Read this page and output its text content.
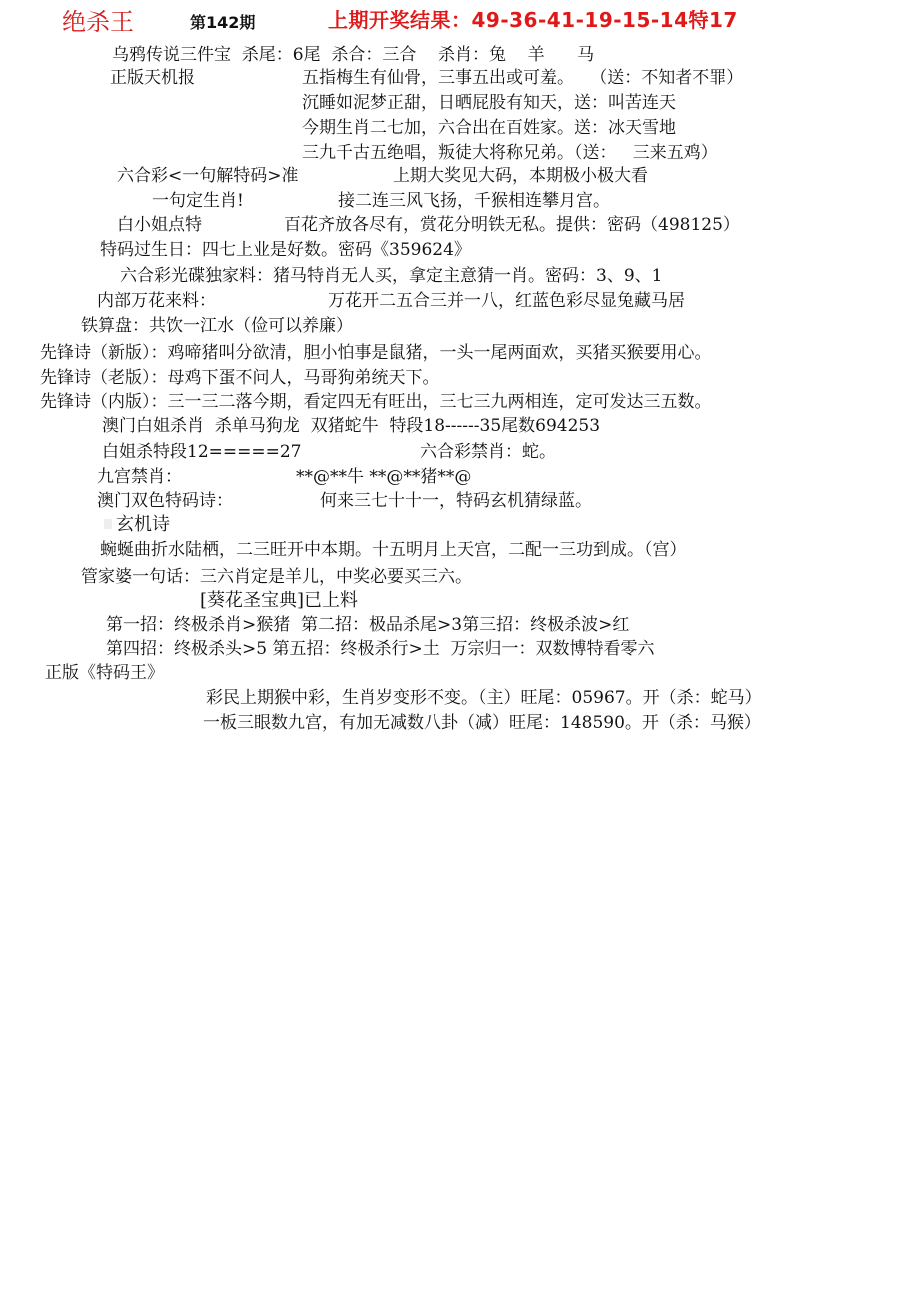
绝杀王	第142期	上期开奖结果：49-36-41-19-15-14特17
乌鸦传说三件宝  杀尾：6尾  杀合：三合    杀肖：兔    羊      马
正版天机报	五指梅生有仙骨，三事五出或可羞。   （送：不知者不罪）
沉睡如泥梦正甜，日晒屁股有知天，送：叫苦连天
今期生肖二七加，六合出在百姓家。送：冰天雪地
三九千古五绝唱，叛徒大将称兄弟。（送：   三来五鸡）
六合彩<一句解特码>准	上期大奖见大码，本期极小极大看
一句定生肖!	接二连三风飞扬，千猴相连攀月宫。
白小姐点特	百花齐放各尽有，赏花分明铁无私。提供：密码（498125）
特码过生日：四七上业是好数。密码《359624》
六合彩光碟独家料：猪马特肖无人买，拿定主意猜一肖。密码：3、9、1
内部万花来料：	万花开二五合三并一八，红蓝色彩尽显兔藏马居
铁算盘：共饮一江水（俭可以养廉）
先锋诗（新版）：鸡啼猪叫分欲清，胆小怕事是鼠猪，一头一尾两面欢，买猪买猴要用心。
先锋诗（老版）：母鸡下蛋不问人，马哥狗弟统天下。
先锋诗（内版）：三一三二落今期，看定四无有旺出，三七三九两相连，定可发达三五数。
澳门白姐杀肖  杀单马狗龙  双猪蛇牛  特段18------35尾数694253
白姐杀特段12=====27	六合彩禁肖：蛇。
九宫禁肖：	**@**牛 **@**猪**@
澳门双色特码诗：	何来三七十十一，特码玄机猜绿蓝。
玄机诗
蜿蜒曲折水陆栖，二三旺开中本期。十五明月上天宫，二配一三功到成。（宫）
管家婆一句话：三六肖定是羊儿，中奖必要买三六。
[葵花圣宝典]已上料
第一招：终极杀肖>猴猪  第二招：极品杀尾>3第三招：终极杀波>红
第四招：终极杀头>5 第五招：终极杀行>土  万宗归一：双数博特看零六
正版《特码王》
彩民上期猴中彩，生肖岁变形不变。（主）旺尾：05967。开（杀：蛇马）
一板三眼数九宫，有加无减数八卦（减）旺尾：148590。开（杀：马猴）
